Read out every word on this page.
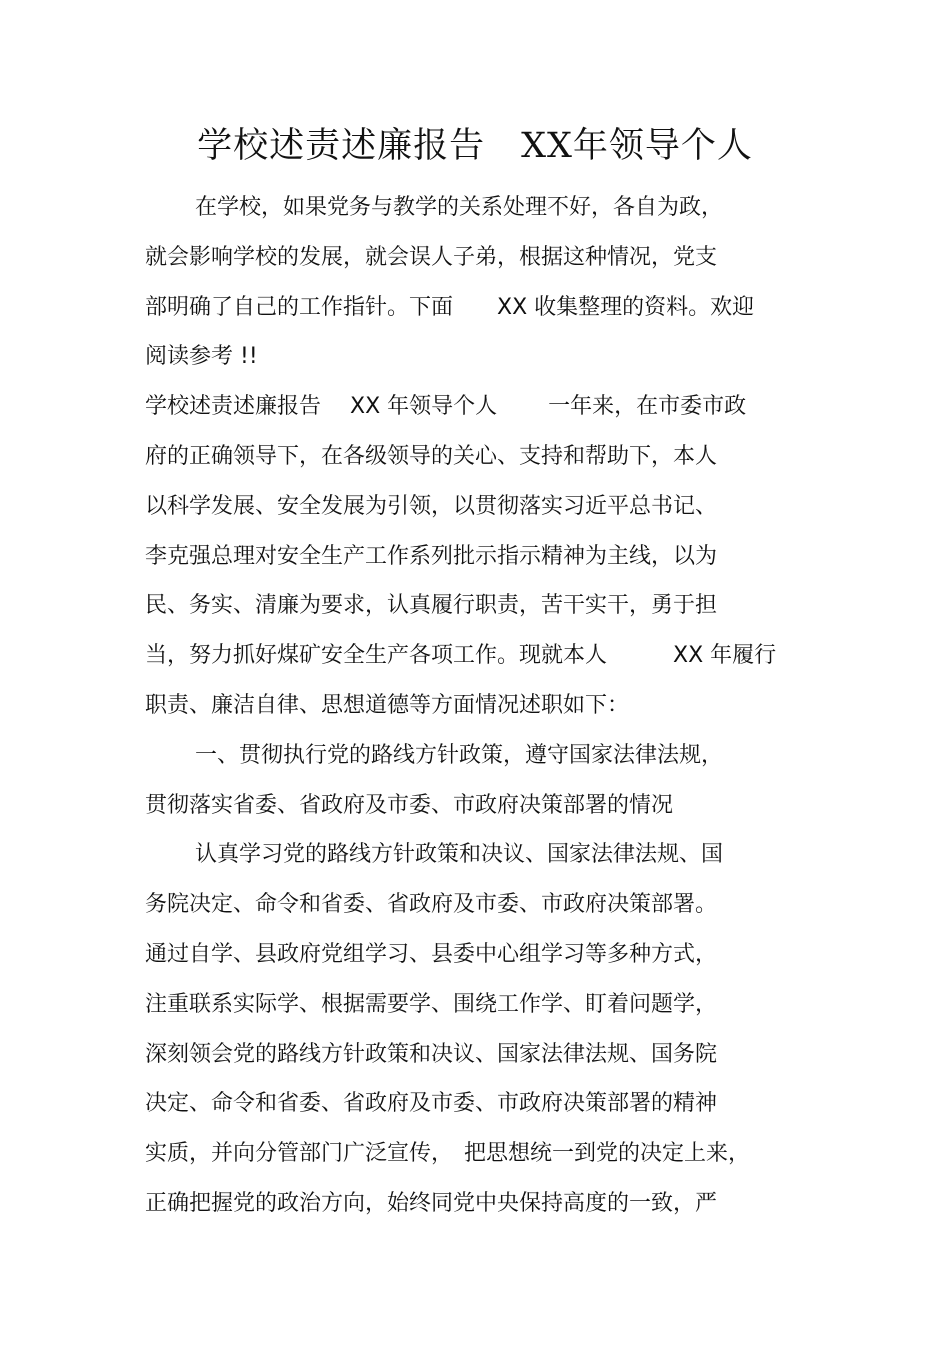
学校述责述廉报告　XX年领导个人
在学校，如果党务与教学的关系处理不好，各自为政，
就会影响学校的发展，就会误人子弟，根据这种情况，党支
部明确了自己的工作指针。下面　　XX 收集整理的资料。欢迎
阅读参考 !!
学校述责述廉报告　 XX 年领导个人　　 一年来，在市委市政
府的正确领导下，在各级领导的关心、支持和帮助下，本人
以科学发展、安全发展为引领，以贯彻落实习近平总书记、
李克强总理对安全生产工作系列批示指示精神为主线，以为
民、务实、清廉为要求，认真履行职责，苦干实干，勇于担
当，努力抓好煤矿安全生产各项工作。现就本人　　　XX 年履行
职责、廉洁自律、思想道德等方面情况述职如下：
一、贯彻执行党的路线方针政策，遵守国家法律法规，
贯彻落实省委、省政府及市委、市政府决策部署的情况
认真学习党的路线方针政策和决议、国家法律法规、国
务院决定、命令和省委、省政府及市委、市政府决策部署。
通过自学、县政府党组学习、县委中心组学习等多种方式，
注重联系实际学、根据需要学、围绕工作学、盯着问题学，
深刻领会党的路线方针政策和决议、国家法律法规、国务院
决定、命令和省委、省政府及市委、市政府决策部署的精神
实质，并向分管部门广泛宣传，　把思想统一到党的决定上来，
正确把握党的政治方向，始终同党中央保持高度的一致，严
